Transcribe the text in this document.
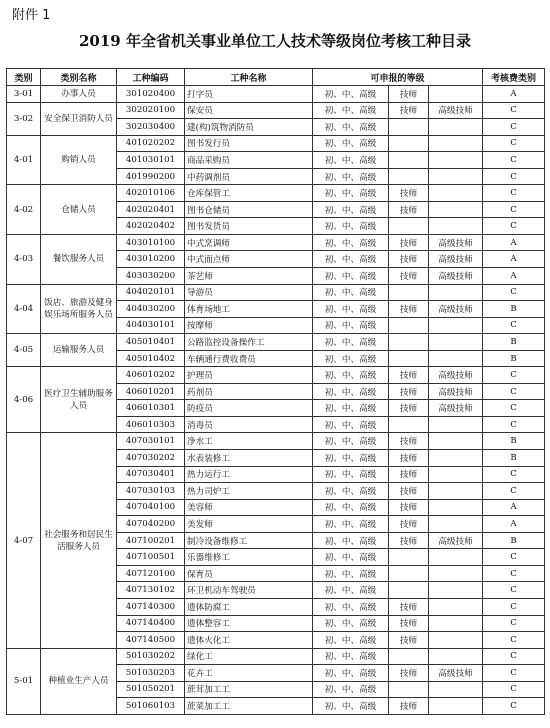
附件 1
2019 年全省机关事业单位工人技术等级岗位考核工种目录
类别	类别名称	工种编码	工种名称	可申报的等级			考核费类别
3-01	办事人员	301020400	打字员	初、中、高级	技师		A
3-02	安全保卫消防人员	302020100	保安员	初、中、高级	技师	高级技师	C
		302030400	建(构)筑物消防员	初、中、高级			C
4-01	购销人员	401020202	图书发行员	初、中、高级			C
		401030101	商品采购员	初、中、高级			C
		401990200	中药调剂员	初、中、高级			C
4-02	仓储人员	402010106	仓库保管工	初、中、高级	技师		C
		402020401	图书仓储员	初、中、高级	技师		C
		402020402	图书发货员	初、中、高级			C
4-03	餐饮服务人员	403010100	中式烹调师	初、中、高级	技师	高级技师	A
		403010200	中式面点师	初、中、高级	技师	高级技师	A
		403030200	茶艺师	初、中、高级	技师	高级技师	A
4-04	饭店、旅游及健身娱乐场所服务人员	404020101	导游员	初、中、高级			C
		404030200	体育场地工	初、中、高级	技师	高级技师	B
		404030101	按摩师	初、中、高级			C
4-05	运输服务人员	405010401	公路监控设备操作工	初、中、高级			B
		405010402	车辆通行费收费员	初、中、高级			B
4-06	医疗卫生辅助服务人员	406010202	护理员	初、中、高级	技师	高级技师	C
		406010201	药剂员	初、中、高级	技师	高级技师	C
		406010301	防疫员	初、中、高级	技师	高级技师	C
		406010303	消毒员	初、中、高级			C
4-07	社会服务和居民生活服务人员	407030101	净水工	初、中、高级	技师		B
		407030202	水表装修工	初、中、高级	技师		B
		407030401	热力运行工	初、中、高级	技师		C
		407030103	热力司炉工	初、中、高级	技师		C
		407040100	美容师	初、中、高级	技师		A
		407040200	美发师	初、中、高级	技师		A
		407100201	制冷设备维修工	初、中、高级	技师	高级技师	B
		407100501	乐器维修工	初、中、高级			C
		407120100	保育员	初、中、高级			C
		407130102	环卫机动车驾驶员	初、中、高级			C
		407140300	遗体防腐工	初、中、高级	技师		C
		407140400	遗体整容工	初、中、高级	技师		C
		407140500	遗体火化工	初、中、高级	技师		C
5-01	种植业生产人员	501030202	绿化工	初、中、高级			C
		501030203	花卉工	初、中、高级	技师	高级技师	C
		501050201	蔗茸加工工	初、中、高级			C
		501060103	蔗菜加工工	初、中、高级	技师		C
